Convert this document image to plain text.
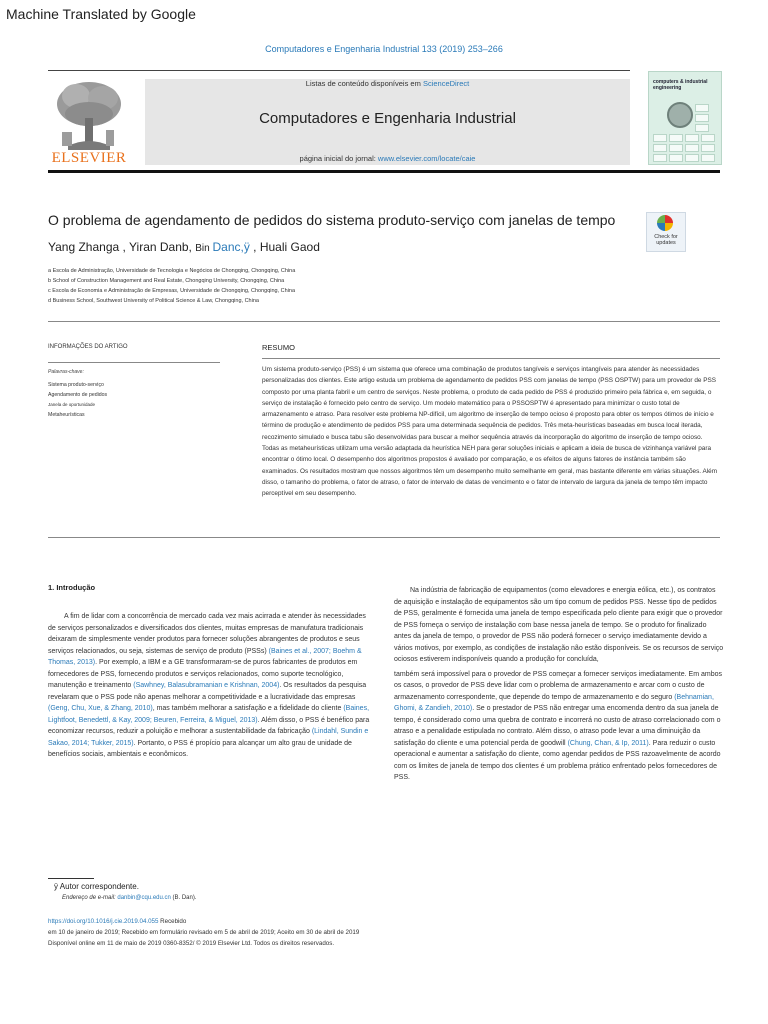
Machine Translated by Google
Computadores e Engenharia Industrial 133 (2019) 253–266
ELSEVIER
Listas de conteúdo disponíveis em ScienceDirect
Computadores e Engenharia Industrial
página inicial do jornal: www.elsevier.com/locate/caie
computers & industrial engineering
O problema de agendamento de pedidos do sistema produto-serviço com janelas de tempo
Check for updates
Yang Zhanga , Yiran Danb, Bin Danc,ÿ , Huali Gaod
a Escola de Administração, Universidade de Tecnologia e Negócios de Chongqing, Chongqing, China
b School of Construction Management and Real Estate, Chongqing University, Chongqing, China
c Escola de Economia e Administração de Empresas, Universidade de Chongqing, Chongqing, China
d Business School, Southwest University of Political Science & Law, Chongqing, China
INFORMAÇÕES DO ARTIGO
Palavras-chave:
Sistema produto-serviço
Agendamento de pedidos
Janela de oportunidade
Metaheurísticas
RESUMO
Um sistema produto-serviço (PSS) é um sistema que oferece uma combinação de produtos tangíveis e serviços intangíveis para atender às necessidades personalizadas dos clientes. Este artigo estuda um problema de agendamento de pedidos PSS com janelas de tempo (PSS OSPTW) para um provedor de PSS composto por uma planta fabril e um centro de serviços. Neste problema, o produto de cada pedido de PSS é produzido primeiro pela fábrica e, em seguida, o serviço de instalação é fornecido pelo centro de serviço. Um modelo matemático para o PSSOSPTW é apresentado para minimizar o custo total de armazenamento e atraso. Para resolver este problema NP-difícil, um algoritmo de inserção de tempo ocioso é proposto para obter os tempos ótimos de início e término de produção e atendimento de pedidos PSS para uma determinada sequência de pedidos. Três meta-heurísticas baseadas em busca local iterada, recozimento simulado e busca tabu são desenvolvidas para buscar a melhor sequência através da incorporação do algoritmo de inserção de tempo ocioso. Todas as metaheurísticas utilizam uma versão adaptada da heurística NEH para gerar soluções iniciais e aplicam a ideia de busca de vizinhança variável para encontrar o ótimo local. O desempenho dos algoritmos propostos é avaliado por comparação, e os efeitos de alguns fatores de instância também são examinados. Os resultados mostram que nossos algoritmos têm um desempenho muito semelhante em geral, mas bastante diferente em várias situações. Além disso, o tamanho do problema, o fator de atraso, o fator de intervalo de datas de vencimento e o fator de intervalo de largura da janela de tempo têm impacto perceptível em seu desempenho.
1. Introdução

A fim de lidar com a concorrência de mercado cada vez mais acirrada e atender às necessidades de serviços personalizados e diversificados dos clientes, muitas empresas de manufatura tradicionais deixaram de simplesmente vender produtos para fornecer soluções abrangentes de produtos e seus serviços relacionados, ou seja, sistemas de serviço de produto (PSSs) (Baines et al., 2007; Boehm & Thomas, 2013). Por exemplo, a IBM e a GE transformaram-se de puros fabricantes de produtos em fornecedores de PSS, fornecendo produtos e serviços relacionados, como suporte tecnológico, manutenção e treinamento (Sawhney, Balasubramanian e Krishnan, 2004). Os resultados da pesquisa revelaram que o PSS pode não apenas melhorar a competitividade e a lucratividade das empresas (Geng, Chu, Xue, & Zhang, 2010), mas também melhorar a satisfação e a fidelidade do cliente (Baines, Lightfoot, Benedettl, & Kay, 2009; Beuren, Ferreira, & Miguel, 2013). Além disso, o PSS é benéfico para economizar recursos, reduzir a poluição e melhorar a sustentabilidade da fabricação (Lindahl, Sundin e Sakao, 2014; Tukker, 2015). Portanto, o PSS é propício para alcançar um alto grau de unidade de benefícios sociais, ambientais e econômicos.

Na indústria de fabricação de equipamentos (como elevadores e energia eólica, etc.), os contratos de aquisição e instalação de equipamentos são um tipo comum de pedidos PSS. Nesse tipo de pedidos de PSS, geralmente é fornecida uma janela de tempo especificada pelo cliente para exigir que o provedor de PSS forneça o serviço de instalação com base nessa janela de tempo. Se o produto for finalizado antes da janela de tempo, o provedor de PSS não poderá fornecer o serviço imediatamente devido a vários motivos, por exemplo, as condições de instalação não estão disponíveis. Se os recursos de serviço ociosos estiverem indisponíveis quando a produção for concluída,

também será impossível para o provedor de PSS começar a fornecer serviços imediatamente. Em ambos os casos, o provedor de PSS deve lidar com o problema de armazenamento e arcar com o custo de armazenamento correspondente, que depende do tempo de armazenamento e do seguro (Behnamian, Ghomi, & Zandieh, 2010). Se o prestador de PSS não entregar uma encomenda dentro da sua janela de tempo, é considerado como uma quebra de contrato e incorrerá no custo de atraso correlacionado com o atraso e a penalidade estipulada no contrato. Além disso, o atraso pode levar a uma diminuição da satisfação do cliente e uma potencial perda de goodwill (Chung, Chan, & Ip, 2011). Para reduzir o custo operacional e aumentar a satisfação do cliente, como agendar pedidos de PSS razoavelmente de acordo com os limites de janela de tempo dos clientes é um problema prático enfrentado pelos fornecedores de PSS.

ÿ Autor correspondente.
Endereço de e-mail: danbin@cqu.edu.cn (B. Dan).
https://doi.org/10.1016/j.cie.2019.04.055 Recebido
em 10 de janeiro de 2019; Recebido em formulário revisado em 5 de abril de 2019; Aceito em 30 de abril de 2019
Disponível online em 11 de maio de 2019 0360-8352/ © 2019 Elsevier Ltd. Todos os direitos reservados.
